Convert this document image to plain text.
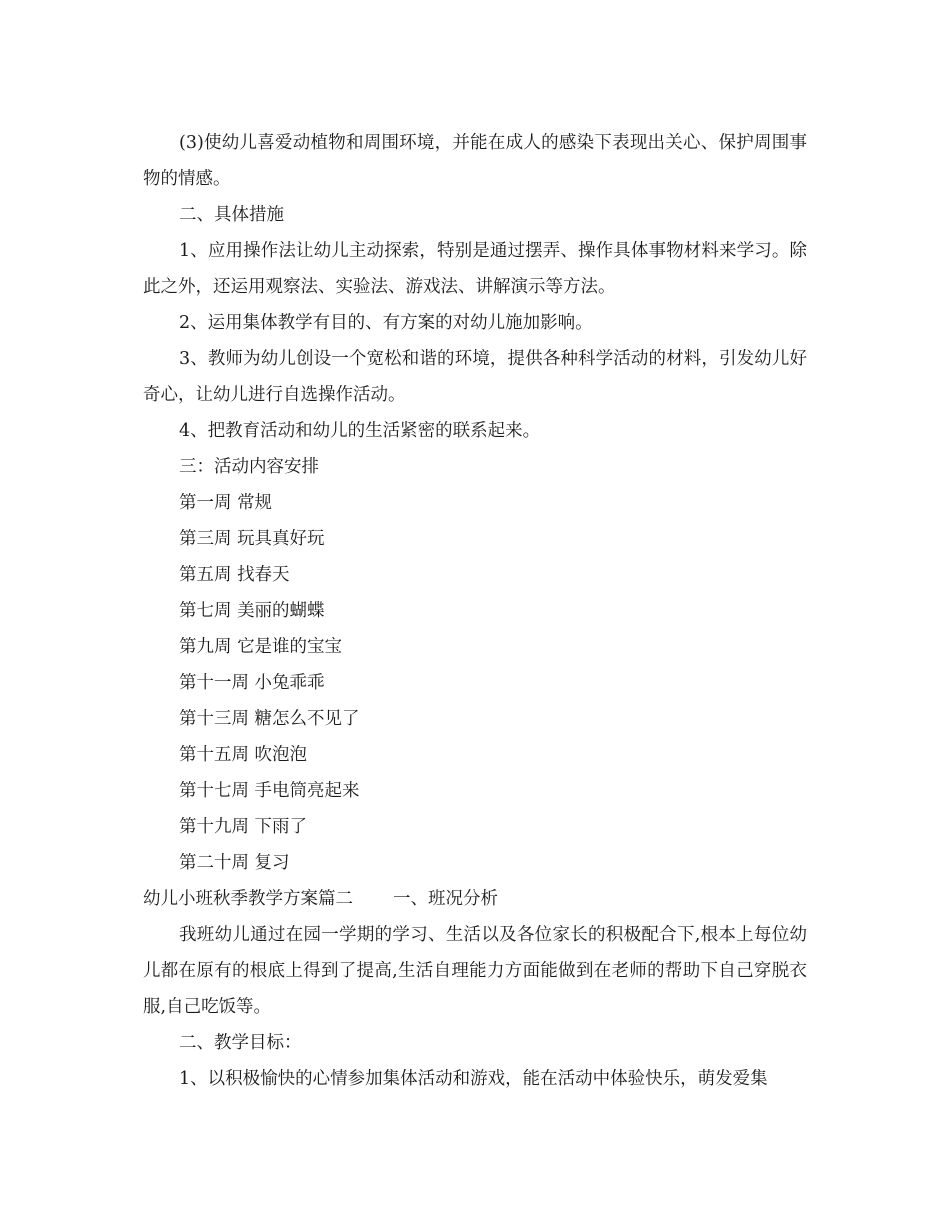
(3)使幼儿喜爱动植物和周围环境，并能在成人的感染下表现出关心、保护周围事物的情感。

二、具体措施

1、应用操作法让幼儿主动探索，特别是通过摆弄、操作具体事物材料来学习。除此之外，还运用观察法、实验法、游戏法、讲解演示等方法。

2、运用集体教学有目的、有方案的对幼儿施加影响。

3、教师为幼儿创设一个宽松和谐的环境，提供各种科学活动的材料，引发幼儿好奇心，让幼儿进行自选操作活动。

4、把教育活动和幼儿的生活紧密的联系起来。

三：活动内容安排

第一周 常规

第三周 玩具真好玩

第五周 找春天

第七周 美丽的蝴蝶

第九周 它是谁的宝宝

第十一周 小兔乖乖

第十三周 糖怎么不见了

第十五周 吹泡泡

第十七周 手电筒亮起来

第十九周 下雨了

第二十周 复习

幼儿小班秋季教学方案篇二 一、班况分析

我班幼儿通过在园一学期的学习、生活以及各位家长的积极配合下,根本上每位幼儿都在原有的根底上得到了提高,生活自理能力方面能做到在老师的帮助下自己穿脱衣服,自己吃饭等。

二、教学目标：

1、以积极愉快的心情参加集体活动和游戏，能在活动中体验快乐，萌发爱集
